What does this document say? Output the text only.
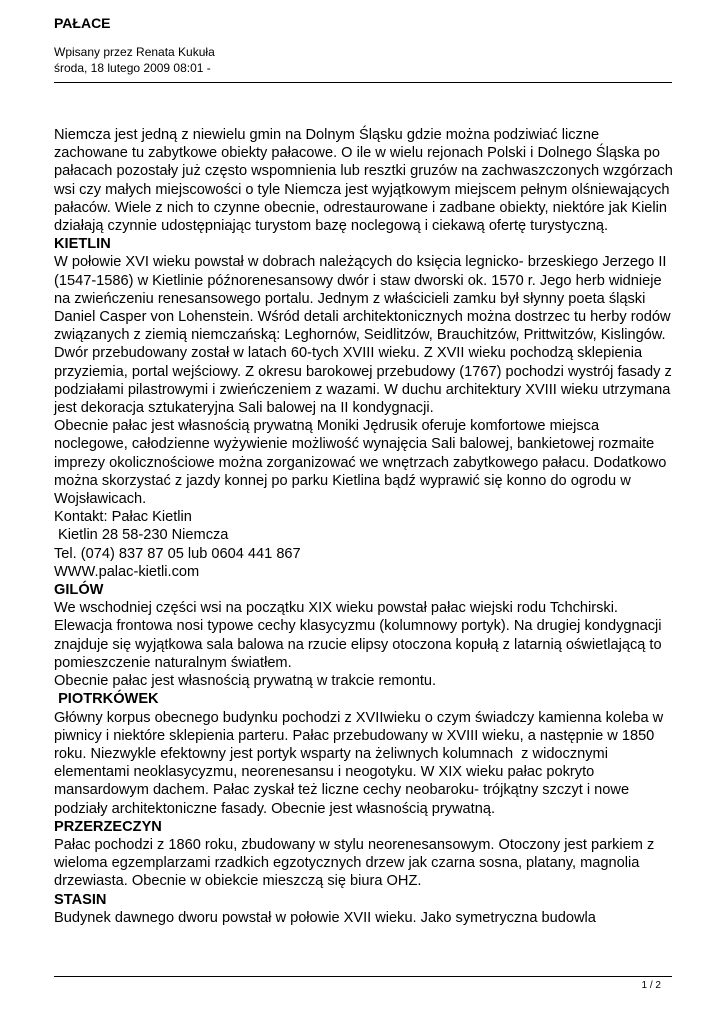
PAŁACE
Wpisany przez Renata Kukuła
środa, 18 lutego 2009 08:01 -

Niemcza jest jedną z niewielu gmin na Dolnym Śląsku gdzie można podziwiać liczne
zachowane tu zabytkowe obiekty pałacowe. O ile w wielu rejonach Polski i Dolnego Śląska po
pałacach pozostały już często wspomnienia lub resztki gruzów na zachwaszczonych wzgórzach
wsi czy małych miejscowości o tyle Niemcza jest wyjątkowym miejscem pełnym olśniewających
pałaców. Wiele z nich to czynne obecnie, odrestaurowane i zadbane obiekty, niektóre jak Kielin
działają czynnie udostępniając turystom bazę noclegową i ciekawą ofertę turystyczną.

KIETLIN

W połowie XVI wieku powstał w dobrach należących do księcia legnicko- brzeskiego Jerzego II
(1547-1586) w Kietlinie późnorenesansowy dwór i staw dworski ok. 1570 r. Jego herb widnieje
na zwieńczeniu renesansowego portalu. Jednym z właścicieli zamku był słynny poeta śląski
Daniel Casper von Lohenstein. Wśród detali architektonicznych można dostrzec tu herby rodów
związanych z ziemią niemczańską: Leghornów, Seidlitzów, Brauchitzów, Prittwitzów, Kislingów.
Dwór przebudowany został w latach 60-tych XVIII wieku. Z XVII wieku pochodzą sklepienia
przyziemia, portal wejściowy. Z okresu barokowej przebudowy (1767) pochodzi wystrój fasady z
podziałami pilastrowymi i zwieńczeniem z wazami. W duchu architektury XVIII wieku utrzymana
jest dekoracja sztukateryjna Sali balowej na II kondygnacji.
Obecnie pałac jest własnością prywatną Moniki Jędrusik oferuje komfortowe miejsca
noclegowe, całodzienne wyżywienie możliwość wynajęcia Sali balowej, bankietowej rozmaite
imprezy okolicznościowe można zorganizować we wnętrzach zabytkowego pałacu. Dodatkowo
można skorzystać z jazdy konnej po parku Kietlina bądź wyprawić się konno do ogrodu w
Wojsławicach.
Kontakt: Pałac Kietlin
Kietlin 28 58-230 Niemcza
Tel. (074) 837 87 05 lub 0604 441 867
WWW.palac-kietli.com

GILÓW

We wschodniej części wsi na początku XIX wieku powstał pałac wiejski rodu Tchchirski.
Elewacja frontowa nosi typowe cechy klasycyzmu (kolumnowy portyk). Na drugiej kondygnacji
znajduje się wyjątkowa sala balowa na rzucie elipsy otoczona kopułą z latarnią oświetlającą to
pomieszczenie naturalnym światłem.
Obecnie pałac jest własnością prywatną w trakcie remontu.

PIOTRKÓWEK

Główny korpus obecnego budynku pochodzi z XVIIwieku o czym świadczy kamienna koleba w
piwnicy i niektóre sklepienia parteru. Pałac przebudowany w XVIII wieku, a następnie w 1850
roku. Niezwykle efektowny jest portyk wsparty na żeliwnych kolumnach  z widocznymi
elementami neoklasycyzmu, neorenesansu i neogotyku. W XIX wieku pałac pokryto
mansardowym dachem. Pałac zyskał też liczne cechy neobaroku- trójkątny szczyt i nowe
podziały architektoniczne fasady. Obecnie jest własnością prywatną.

PRZERZECZYN

Pałac pochodzi z 1860 roku, zbudowany w stylu neorenesansowym. Otoczony jest parkiem z
wieloma egzemplarzami rzadkich egzotycznych drzew jak czarna sosna, platany, magnolia
drzewiasta. Obecnie w obiekcie mieszczą się biura OHZ.

STASIN

Budynek dawnego dworu powstał w połowie XVII wieku. Jako symetryczna budowla

1 / 2
